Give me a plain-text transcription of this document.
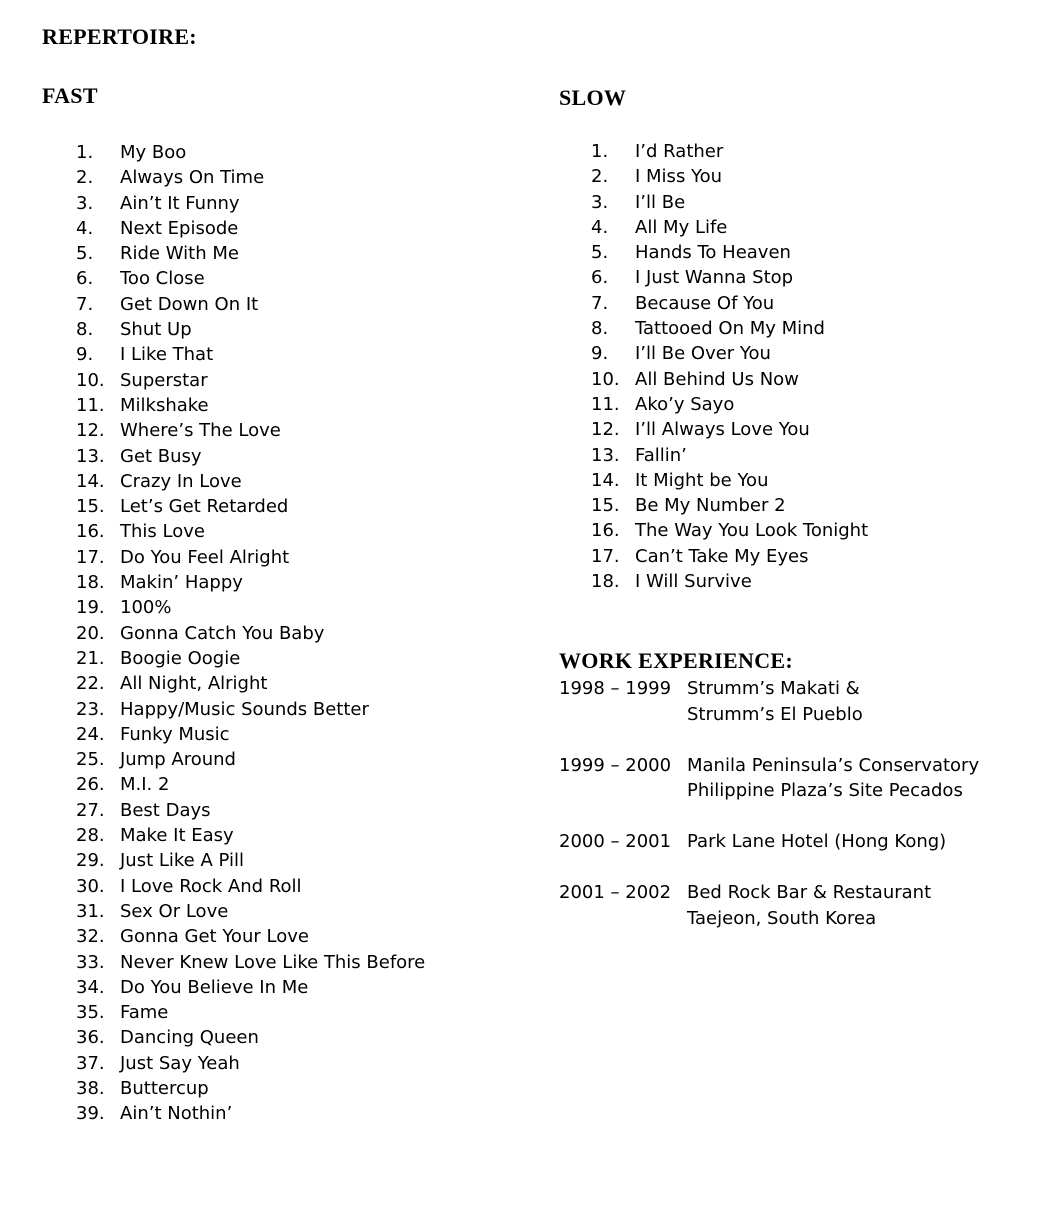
REPERTOIRE:
FAST	SLOW
WORK EXPERIENCE:
1.	My Boo
2.	Always On Time
3.	Ain’t It Funny
4.	Next Episode
5.	Ride With Me
6.	Too Close
7.	Get Down On It
8.	Shut Up
9.	I Like That
10. Superstar
11. Milkshake
12. Where’s The Love
13. Get Busy
14. Crazy In Love
15. Let’s Get Retarded
16. This Love
17. Do You Feel Alright
18. Makin’ Happy
19. 100%
20. Gonna Catch You Baby
21. Boogie Oogie
22. All Night, Alright
23. Happy/Music Sounds Better
24. Funky Music
25. Jump Around
26. M.I. 2
27. Best Days
28. Make It Easy
29. Just Like A Pill
30. I Love Rock And Roll
31. Sex Or Love
32. Gonna Get Your Love
33. Never Knew Love Like This Before
34. Do You Believe In Me
35. Fame
36. Dancing Queen
37. Just Say Yeah
38. Buttercup
39. Ain’t Nothin’
1.	I’d Rather
2.	I Miss You
3.	I’ll Be
4.	All My Life
5.	Hands To Heaven
6.	I Just Wanna Stop
7.	Because Of You
8.	Tattooed On My Mind
9.	I’ll Be Over You
10. All Behind Us Now
11. Ako’y Sayo
12. I’ll Always Love You
13. Fallin’
14. It Might be You
15. Be My Number 2
16. The Way You Look Tonight
17. Can’t Take My Eyes
18. I Will Survive
1998 – 1999 Strumm’s Makati &
Strumm’s El Pueblo
1999 – 2000 Manila Peninsula’s Conservatory
Philippine Plaza’s Site Pecados
2000 – 2001 Park Lane Hotel (Hong Kong)
2001 – 2002 Bed Rock Bar & Restaurant
Taejeon, South Korea
